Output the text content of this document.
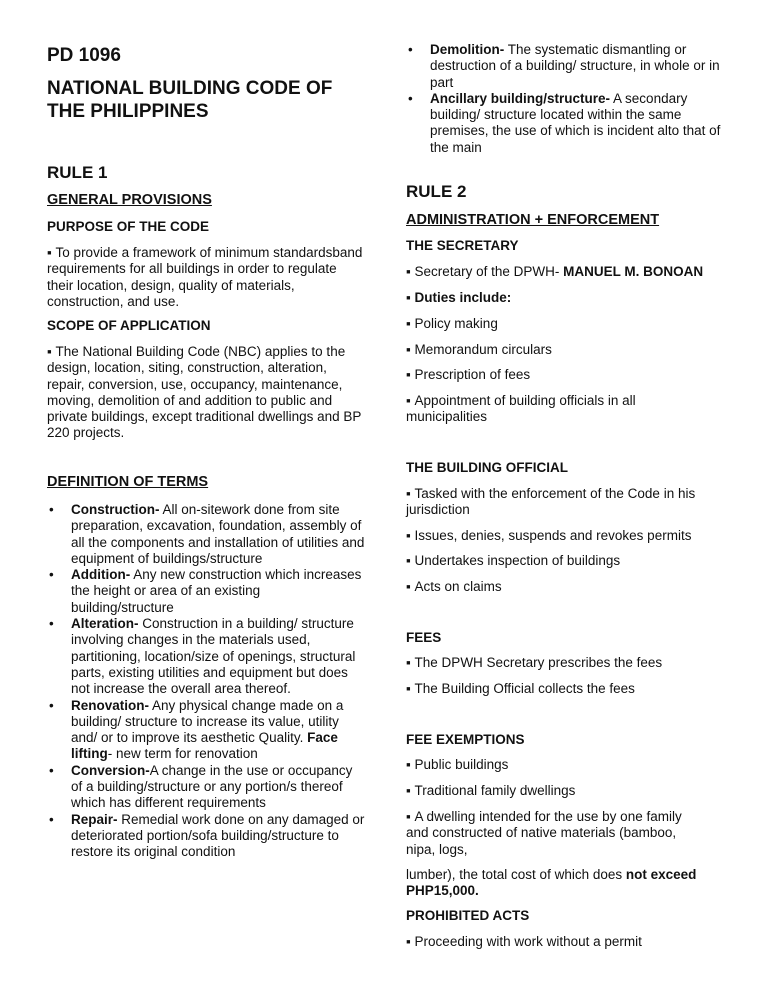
PD 1096
NATIONAL BUILDING CODE OF
THE PHILIPPINES
RULE 1
GENERAL PROVISIONS
PURPOSE OF THE CODE

▪ To provide a framework of minimum standardsband requirements for all buildings in order to regulate their location, design, quality of materials, construction, and use.

SCOPE OF APPLICATION

▪ The National Building Code (NBC) applies to the design, location, siting, construction, alteration, repair, conversion, use, occupancy, maintenance, moving, demolition of and addition to public and private buildings, except traditional dwellings and BP 220 projects.

DEFINITION OF TERMS
• Construction- All on-sitework done from site preparation, excavation, foundation, assembly of all the components and installation of utilities and equipment of buildings/structure
• Addition- Any new construction which increases the height or area of an existing building/structure
• Alteration- Construction in a building/ structure involving changes in the materials used, partitioning, location/size of openings, structural parts, existing utilities and equipment but does not increase the overall area thereof.
• Renovation- Any physical change made on a building/ structure to increase its value, utility and/ or to improve its aesthetic Quality. Face lifting- new term for renovation
• Conversion-A change in the use or occupancy of a building/structure or any portion/s thereof which has different requirements
• Repair- Remedial work done on any damaged or deteriorated portion/sofa building/structure to restore its original condition
• Demolition- The systematic dismantling or destruction of a building/ structure, in whole or in part
• Ancillary building/structure- A secondary building/ structure located within the same premises, the use of which is incident alto that of the main
RULE 2
ADMINISTRATION + ENFORCEMENT
THE SECRETARY

▪ Secretary of the DPWH- MANUEL M. BONOAN

▪ Duties include:

▪ Policy making

▪ Memorandum circulars

▪ Prescription of fees

▪ Appointment of building officials in all municipalities

THE BUILDING OFFICIAL

▪ Tasked with the enforcement of the Code in his jurisdiction

▪ Issues, denies, suspends and revokes permits

▪ Undertakes inspection of buildings

▪ Acts on claims

FEES

▪ The DPWH Secretary prescribes the fees

▪ The Building Official collects the fees

FEE EXEMPTIONS

▪ Public buildings

▪ Traditional family dwellings

▪ A dwelling intended for the use by one family and constructed of native materials (bamboo, nipa, logs,

lumber), the total cost of which does not exceed PHP15,000.

PROHIBITED ACTS

▪ Proceeding with work without a permit
